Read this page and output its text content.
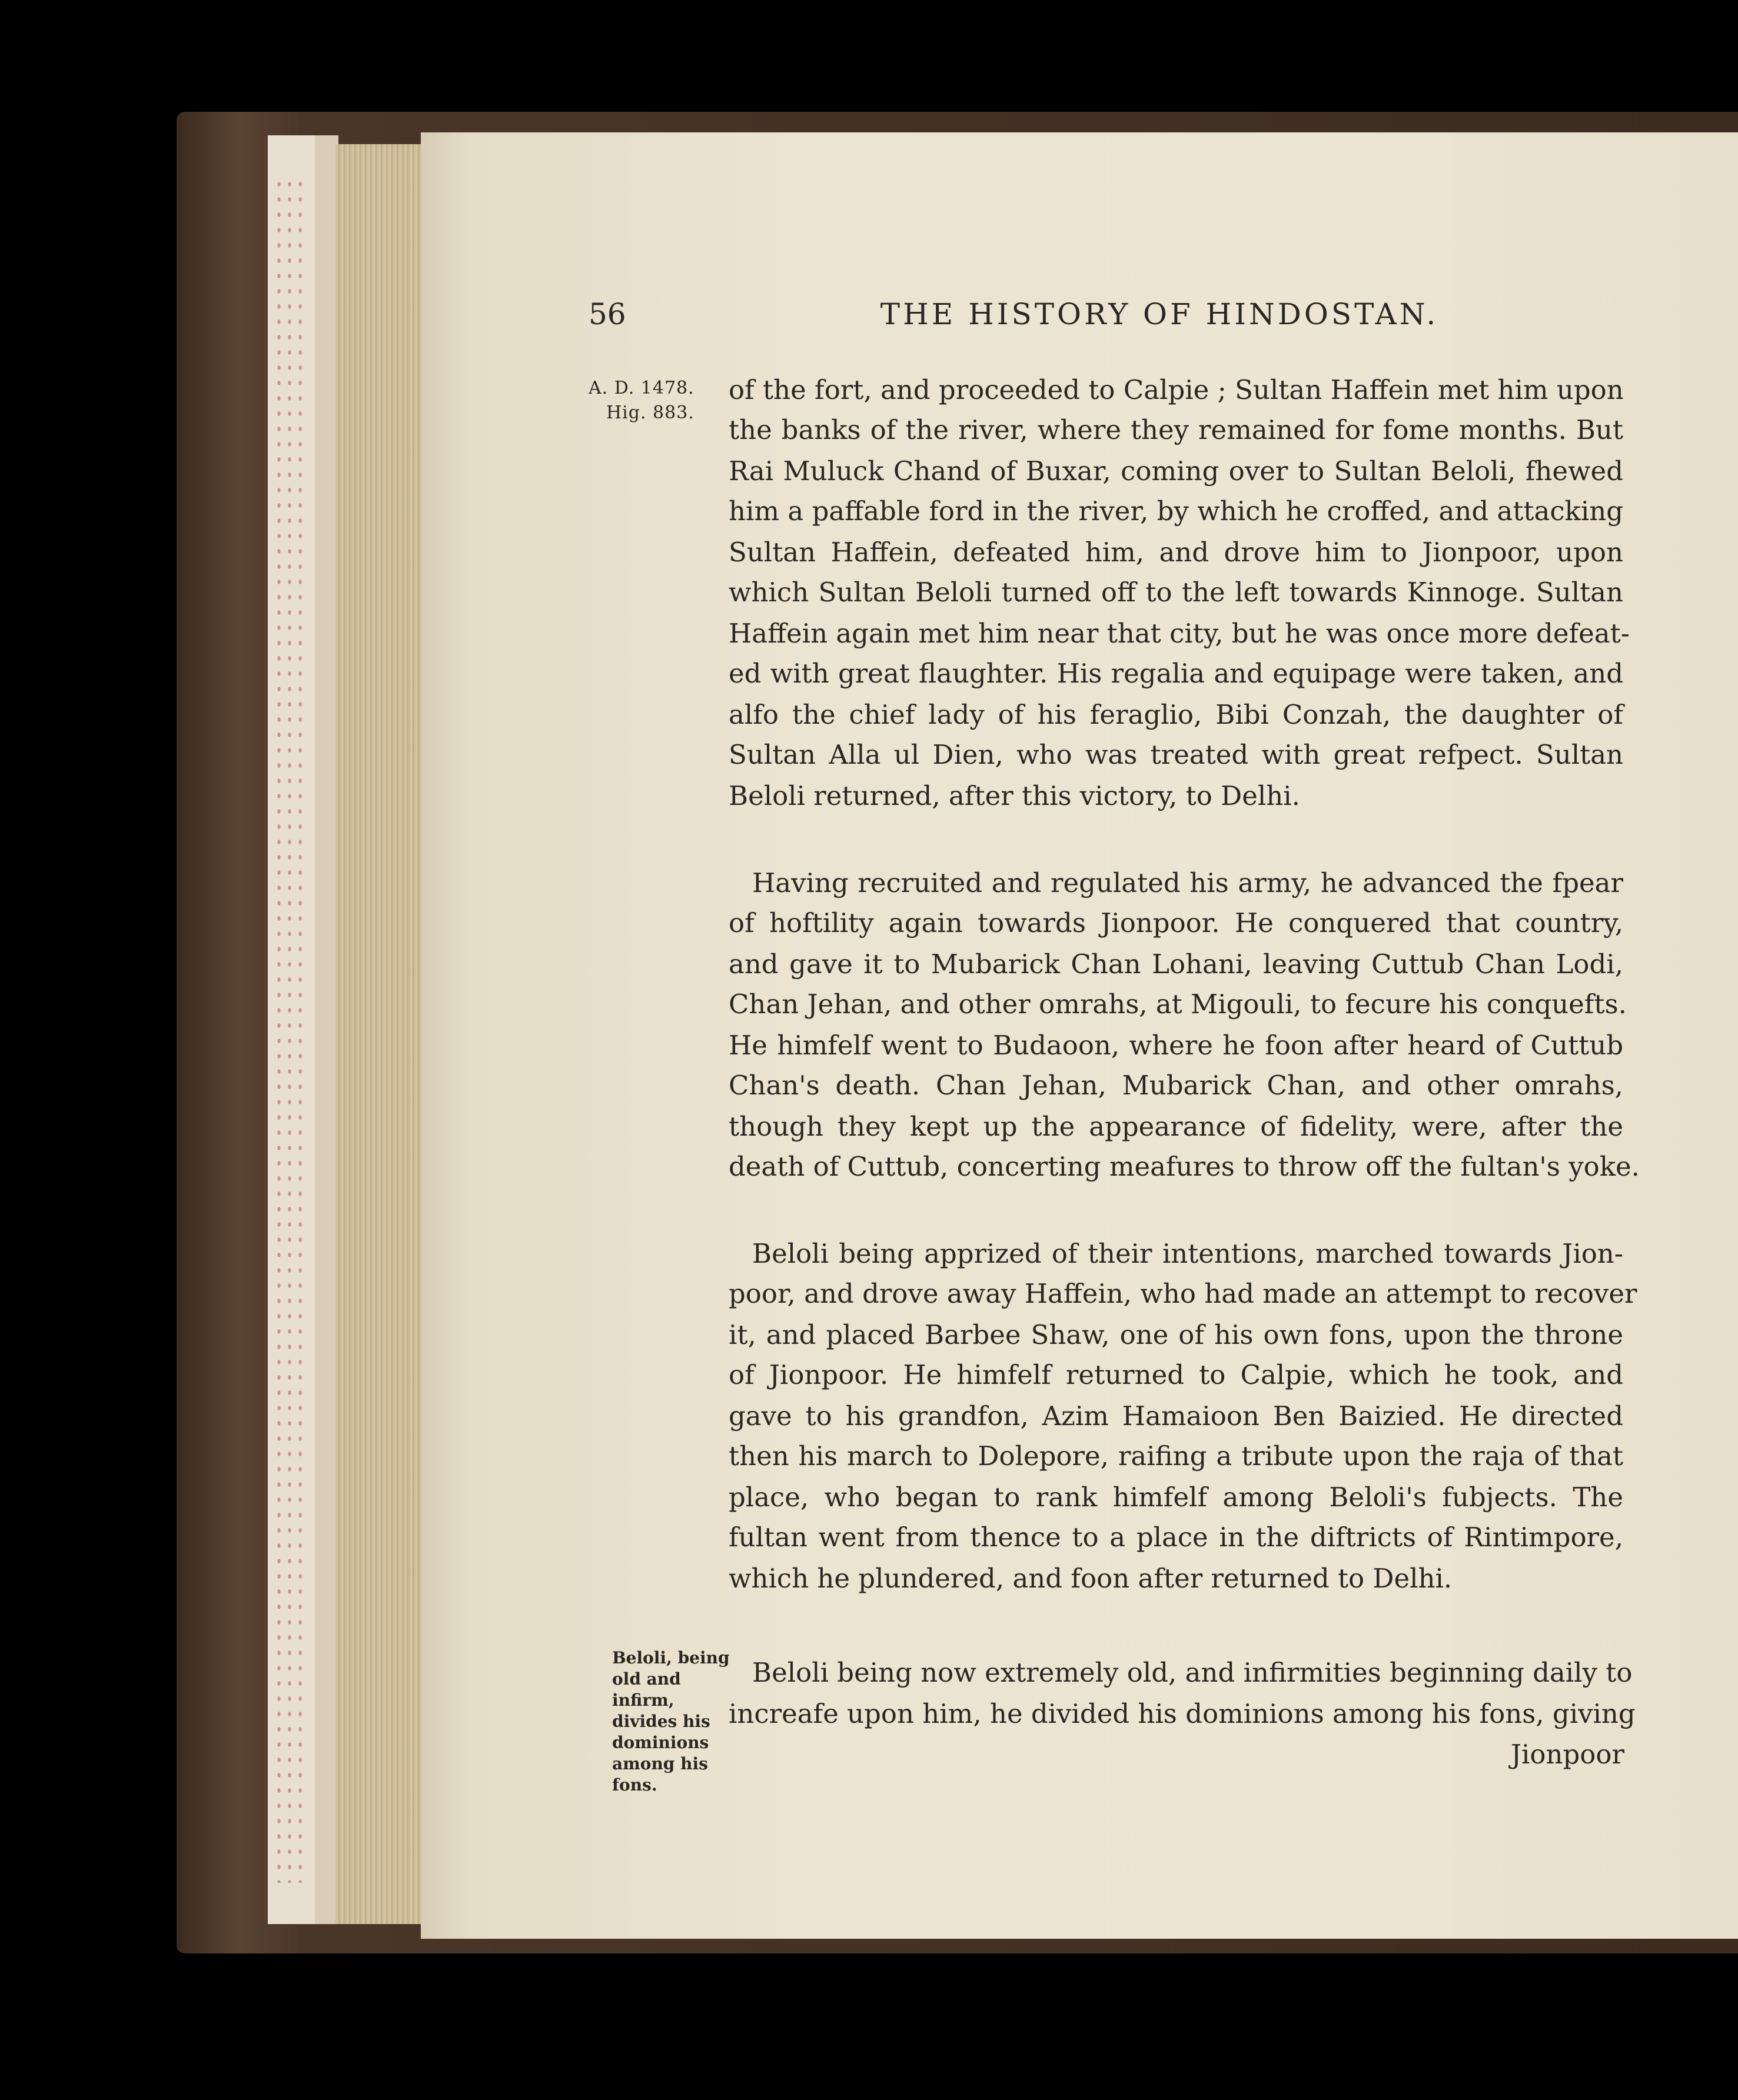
56	THE HISTORY OF HINDOSTAN.
A. D. 1478.
Hig. 883.
Beloli, being old and infirm, divides his dominions among his fons.
of the fort, and proceeded to Calpie ; Sultan Haffein met him upon
the banks of the river, where they remained for fome months. But
Rai Muluck Chand of Buxar, coming over to Sultan Beloli, fhewed
him a paffable ford in the river, by which he croffed, and attacking
Sultan Haffein, defeated him, and drove him to Jionpoor, upon
which Sultan Beloli turned off to the left towards Kinnoge. Sultan
Haffein again met him near that city, but he was once more defeat-
ed with great flaughter. His regalia and equipage were taken, and
alfo the chief lady of his feraglio, Bibi Conzah, the daughter of
Sultan Alla ul Dien, who was treated with great refpect. Sultan
Beloli returned, after this victory, to Delhi.
Having recruited and regulated his army, he advanced the fpear
of hoftility again towards Jionpoor. He conquered that country,
and gave it to Mubarick Chan Lohani, leaving Cuttub Chan Lodi,
Chan Jehan, and other omrahs, at Migouli, to fecure his conquefts.
He himfelf went to Budaoon, where he foon after heard of Cuttub
Chan's death. Chan Jehan, Mubarick Chan, and other omrahs,
though they kept up the appearance of fidelity, were, after the
death of Cuttub, concerting meafures to throw off the fultan's yoke.
Beloli being apprized of their intentions, marched towards Jion-
poor, and drove away Haffein, who had made an attempt to recover
it, and placed Barbee Shaw, one of his own fons, upon the throne
of Jionpoor. He himfelf returned to Calpie, which he took, and
gave to his grandfon, Azim Hamaioon Ben Baizied. He directed
then his march to Dolepore, raifing a tribute upon the raja of that
place, who began to rank himfelf among Beloli's fubjects. The
fultan went from thence to a place in the diftricts of Rintimpore,
which he plundered, and foon after returned to Delhi.
Beloli being now extremely old, and infirmities beginning daily to
increafe upon him, he divided his dominions among his fons, giving
Jionpoor
